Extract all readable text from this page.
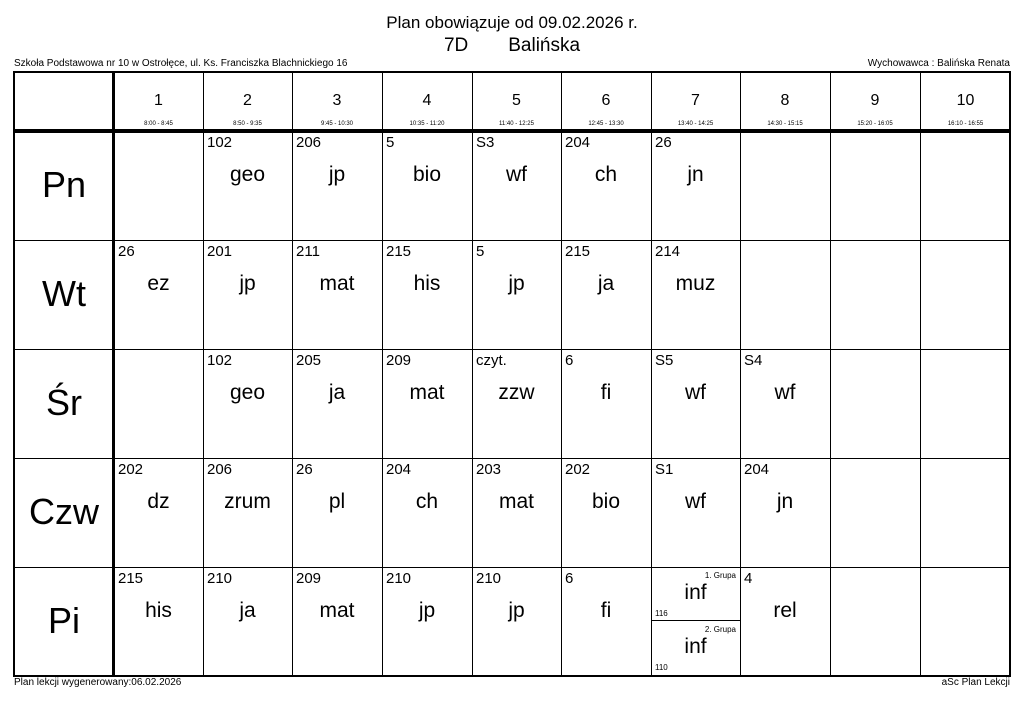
Plan obowiązuje od 09.02.2026 r.
7D Balińska
Szkoła Podstawowa nr 10 w Ostrołęce, ul. Ks. Franciszka Blachnickiego 16	Wychowawca : Balińska Renata
1
8:00 - 8:45
2
8:50 - 9:35
3
9:45 - 10:30
4
10:35 - 11:20
5
11:40 - 12:25
6
12:45 - 13:30
7
13:40 - 14:25
8
14:30 - 15:15
9
15:20 - 16:05
10
16:10 - 16:55
Pn
102
geo
206
jp
5
bio
S3
wf
204
ch
26
jn
Wt
26
ez
201
jp
211
mat
215
his
5
jp
215
ja
214
muz
Śr
102
geo
205
ja
209
mat
czyt.
zzw
6
fi
S5
wf
S4
wf
Czw
202
dz
206
zrum
26
pl
204
ch
203
mat
202
bio
S1
wf
204
jn
Pi
215
his
210
ja
209
mat
210
jp
210
jp
6
fi
1. Grupa
inf
116
2. Grupa
inf
110
4
rel
Plan lekcji wygenerowany:06.02.2026	aSc Plan Lekcji
